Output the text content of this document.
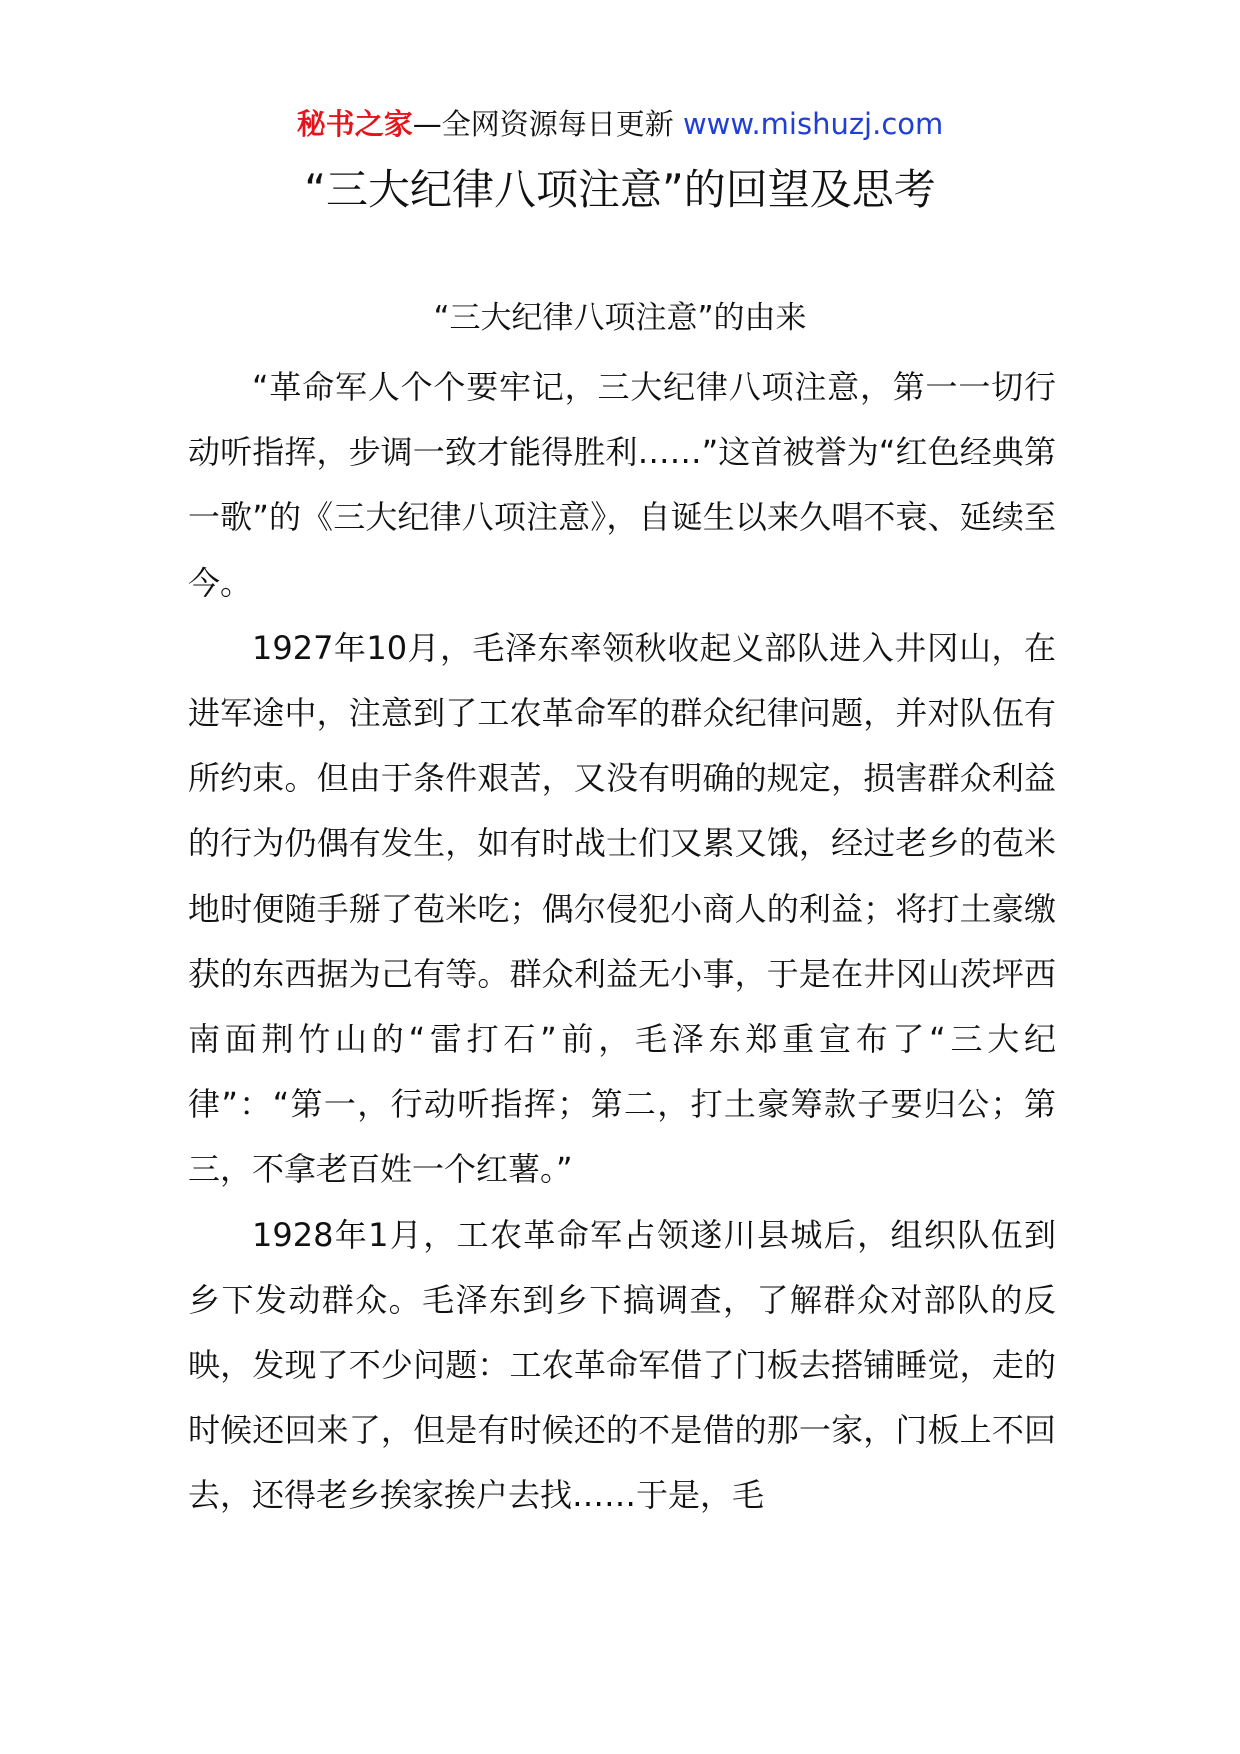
秘书之家—全网资源每日更新 www.mishuzj.com
“三大纪律八项注意”的回望及思考
“三大纪律八项注意”的由来

“革命军人个个要牢记，三大纪律八项注意，第一一切行动听指挥，步调一致才能得胜利……”这首被誉为“红色经典第一歌”的《三大纪律八项注意》，自诞生以来久唱不衰、延续至今。

1927年10月，毛泽东率领秋收起义部队进入井冈山，在进军途中，注意到了工农革命军的群众纪律问题，并对队伍有所约束。但由于条件艰苦，又没有明确的规定，损害群众利益的行为仍偶有发生，如有时战士们又累又饿，经过老乡的苞米地时便随手掰了苞米吃；偶尔侵犯小商人的利益；将打土豪缴获的东西据为己有等。群众利益无小事，于是在井冈山茨坪西南面荆竹山的“雷打石”前，毛泽东郑重宣布了“三大纪律”：“第一，行动听指挥；第二，打土豪筹款子要归公；第三，不拿老百姓一个红薯。”

1928年1月，工农革命军占领遂川县城后，组织队伍到乡下发动群众。毛泽东到乡下搞调查，了解群众对部队的反映，发现了不少问题：工农革命军借了门板去搭铺睡觉，走的时候还回来了，但是有时候还的不是借的那一家，门板上不回去，还得老乡挨家挨户去找……于是，毛
